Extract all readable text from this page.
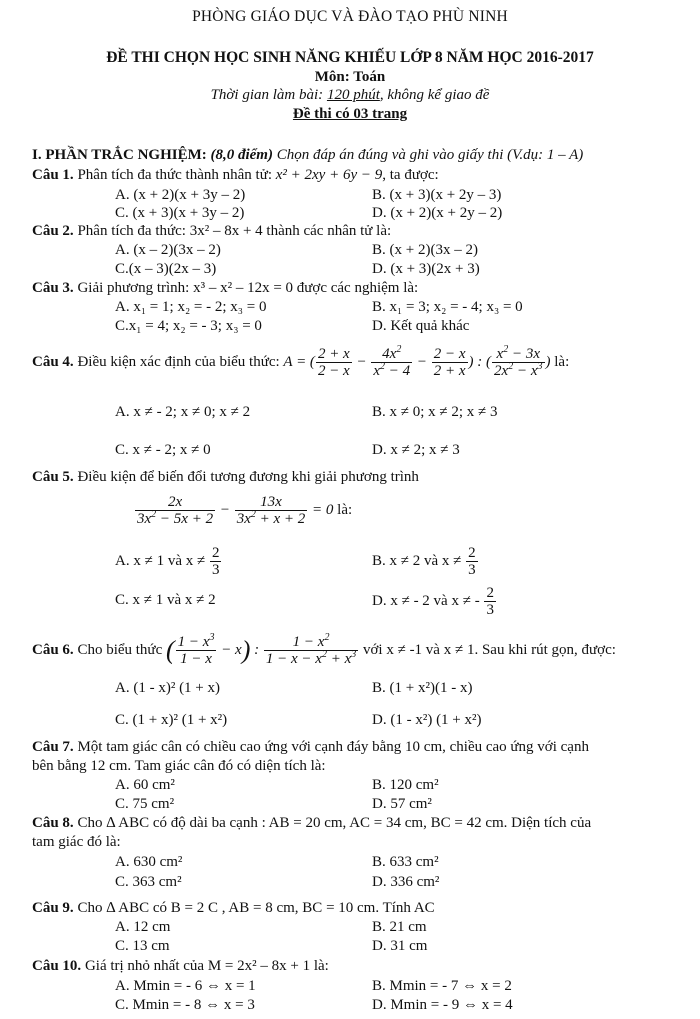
PHÒNG GIÁO DỤC VÀ ĐÀO TẠO PHÙ NINH
ĐỀ THI CHỌN HỌC SINH NĂNG KHIẾU LỚP 8 NĂM HỌC 2016-2017
Môn: Toán
Thời gian làm bài: 120 phút, không kể giao đề
Đề thi có 03 trang
I. PHẦN TRẮC NGHIỆM: (8,0 điểm) Chọn đáp án đúng và ghi vào giấy thi (V.dụ: 1 – A)
Câu 1. Phân tích đa thức thành nhân tử: x² + 2xy + 6y − 9, ta được:
A. (x + 2)(x + 3y – 2)	B. (x + 3)(x + 2y – 3)
C. (x + 3)(x + 3y – 2)	D. (x + 2)(x + 2y – 2)
Câu 2. Phân tích đa thức: 3x² – 8x + 4 thành các nhân tử là:
A. (x – 2)(3x – 2)	B. (x + 2)(3x – 2)
C.(x – 3)(2x – 3)	D. (x + 3)(2x + 3)
Câu 3. Giải phương trình: x³ – x² – 12x = 0 được các nghiệm là:
A. x₁ = 1; x₂ = - 2; x₃ = 0	B. x₁ = 3; x₂ = - 4; x₃ = 0
C.x₁ = 4; x₂ = - 3; x₃ = 0	D. Kết quả khác
Câu 4. Điều kiện xác định của biểu thức: A = ( $\frac{2 + x}{2 - x} - \frac{4x^2}{x^2 - 4} - \frac{2 - x}{2 + x}$ ) : ( $\frac{x^2 - 3x}{2x^2 - x^3}$ ) là:
A. x ≠ - 2; x ≠ 0; x ≠ 2	B. x ≠ 0; x ≠ 2; x ≠ 3
C. x ≠ - 2; x ≠ 0	D. x ≠ 2; x ≠ 3
Câu 5. Điều kiện để biến đổi tương đương khi giải phương trình
$\frac{2x}{3x^2 - 5x + 2} - \frac{13x}{3x^2 + x + 2} = 0$ là:
A. x ≠ 1 và $x \ne \frac{2}{3}$	B. x ≠ 2 và $x \ne \frac{2}{3}$
C. x ≠ 1 và x ≠ 2	D. x ≠ - 2 và x ≠ - $\frac{2}{3}$
Câu 6. Cho biểu thức ( $\frac{1 - x^3}{1 - x} - x$) : $\frac{1 - x^2}{1 - x - x^2 + x^3}$ với x ≠ -1 và x ≠ 1. Sau khi rút gọn, được:
A. (1 - x)² (1 + x)	B. (1 + x²)(1 - x)
C. (1 + x)² (1 + x²)	D. (1 - x²) (1 + x²)
Câu 7. Một tam giác cân có chiều cao ứng với cạnh đáy bằng 10 cm, chiều cao ứng với cạnh
bên bằng 12 cm. Tam giác cân đó có diện tích là:
A. 60 cm²	B. 120 cm²
C. 75 cm²	D. 57 cm²
Câu 8. Cho ∆ ABC có độ dài ba cạnh : AB = 20 cm, AC = 34 cm, BC = 42 cm. Diện tích của
tam giác đó là:
A. 630 cm²	B. 633 cm²
C. 363 cm²	D. 336 cm²
Câu 9. Cho ∆ ABC có B = 2 C , AB = 8 cm, BC = 10 cm. Tính AC
A. 12 cm	B. 21 cm
C. 13 cm	D. 31 cm
Câu 10. Giá trị nhỏ nhất của M = 2x² – 8x + 1 là:
A. Mmin = - 6 ⇔ x = 1	B. Mmin = - 7 ⇔ x = 2
C. Mmin = - 8 ⇔ x = 3	D. Mmin = - 9 ⇔ x = 4
